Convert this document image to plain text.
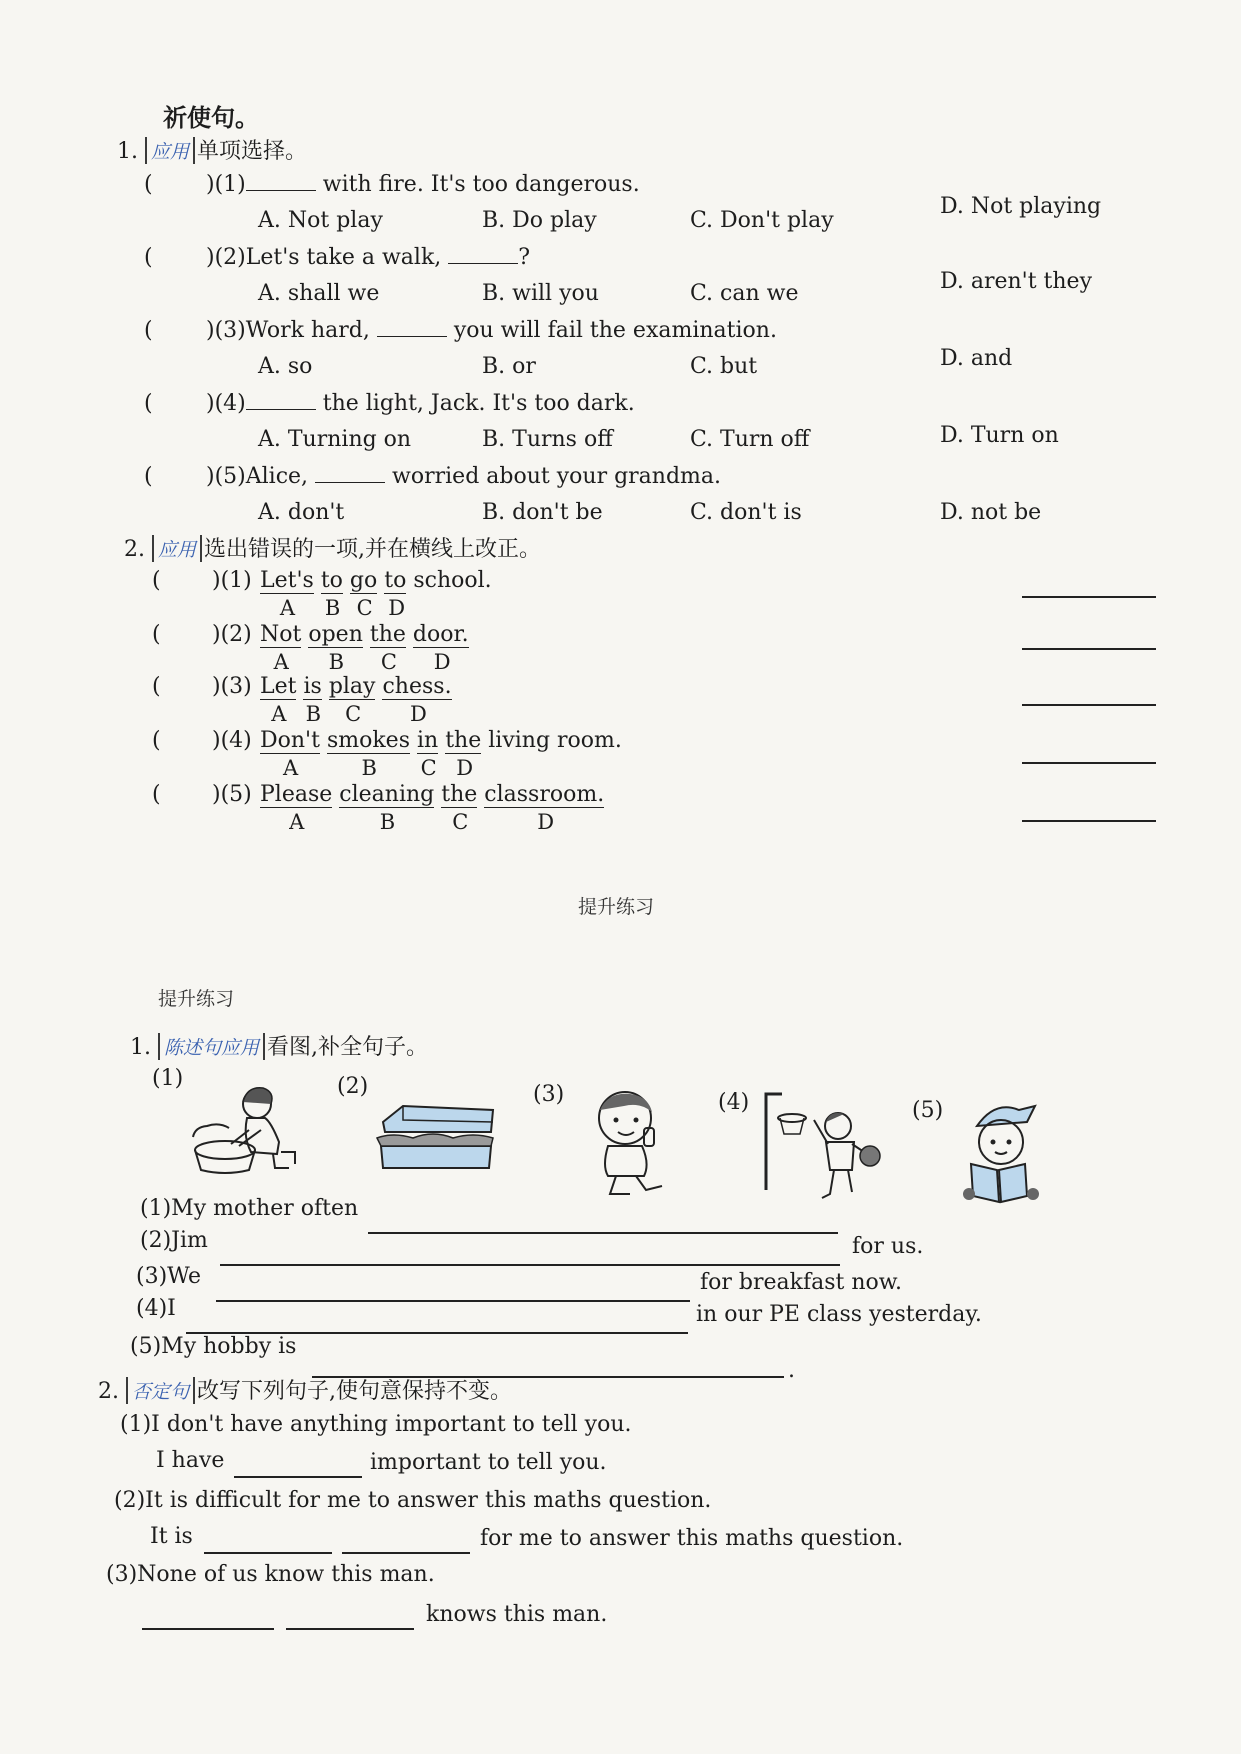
祈使句。
1. 应用 单项选择。
( )(1)	with fire. It's too dangerous.
A. Not play	B. Do play	C. Don't play
D. Not playing
( )(2)Let's take a walk,	?
A. shall we	B. will you	C. can we	D. aren't they
( )(3)Work hard,	you will fail the examination.
A. so	B. or	C. but	D. and
( )(4)	the light, Jack. It's too dark.
A. Turning on	B. Turns off	C. Turn off	D. Turn on
( )(5)Alice,	worried about your grandma.
A. don't	B. don't be	C. don't is	D. not be
2. 应用 选出错误的一项,并在横线上改正。
( )(1) Let's to go to school.
A B C D
( )(2) Not open the door.
A B C D
( )(3) Let is play chess.
A B C D
( )(4) Don't smokes in the living room.
A	B C D
( )(5) Please cleaning the classroom.
A	B	C	D
提升练习
提升练习
1. 陈述句应用 看图,补全句子。
(1)	(2)	(3)	(4)	(5)
(1)My mother often
(2)Jim	for us.
(3)We	for breakfast now.
(4)I	in our PE class yesterday.
(5)My hobby is
.
2. 否定句 改写下列句子,使句意保持不变。
(1)I don't have anything important to tell you.
I have	important to tell you.
(2)It is difficult for me to answer this maths question.
It is	for me to answer this maths question.
(3)None of us know this man.
knows this man.
